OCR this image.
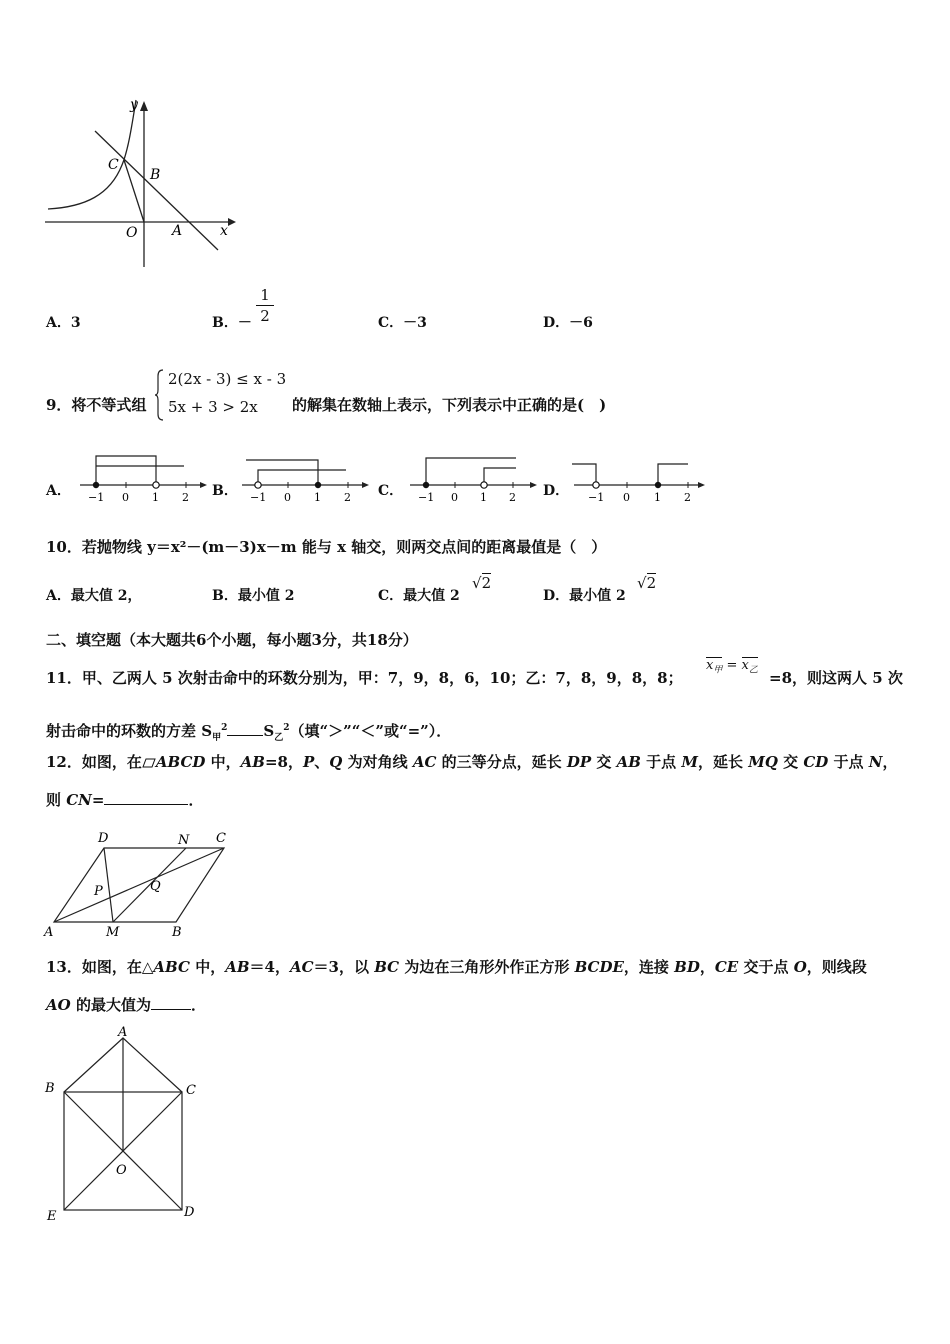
y
x
C
B
O A
A．3	B．－
1
2	C．－3	D．－6
9．将不等式组
2(2x - 3) ≤ x - 3
5x + 3 > 2x 的解集在数轴上表示，下列表示中正确的是(　)
A． −1 0 1 2 B． −1 0 1 2 C． −1 0 1 2 D． −1 0 1 2
10．若抛物线 y＝x²－(m－3)x－m 能与 x 轴交，则两交点间的距离最值是（　）
A．最大值 2，	B．最小值 2	C．最大值 2
√2
D．最小值 2
√2
二、填空题（本大题共6个小题，每小题3分，共18分）
11．甲、乙两人 5 次射击命中的环数分别为，甲：7，9，8，6，10；乙：7，8，9，8，8；
$x_甲 = x_乙 =8$，则这两人 5 次
射击命中的环数的方差 $S_甲^2$ $S_乙^2$（填“＞”“＜”或“=”）．
12．如图，在 ABCD 中，AB=8，P、Q 为对角线 AC 的三等分点，延长 DP 交 AB 于点 M，延长 MQ 交 CD 于点 N，
则 CN=	．
D	N C
P	Q
A	M	B
13．如图，在△ABC 中，AB＝4，AC＝3，以 BC 为边在三角形外作正方形 BCDE，连接 BD，CE 交于点 O，则线段
AO 的最大值为	．
A
B	C
O
E	D
